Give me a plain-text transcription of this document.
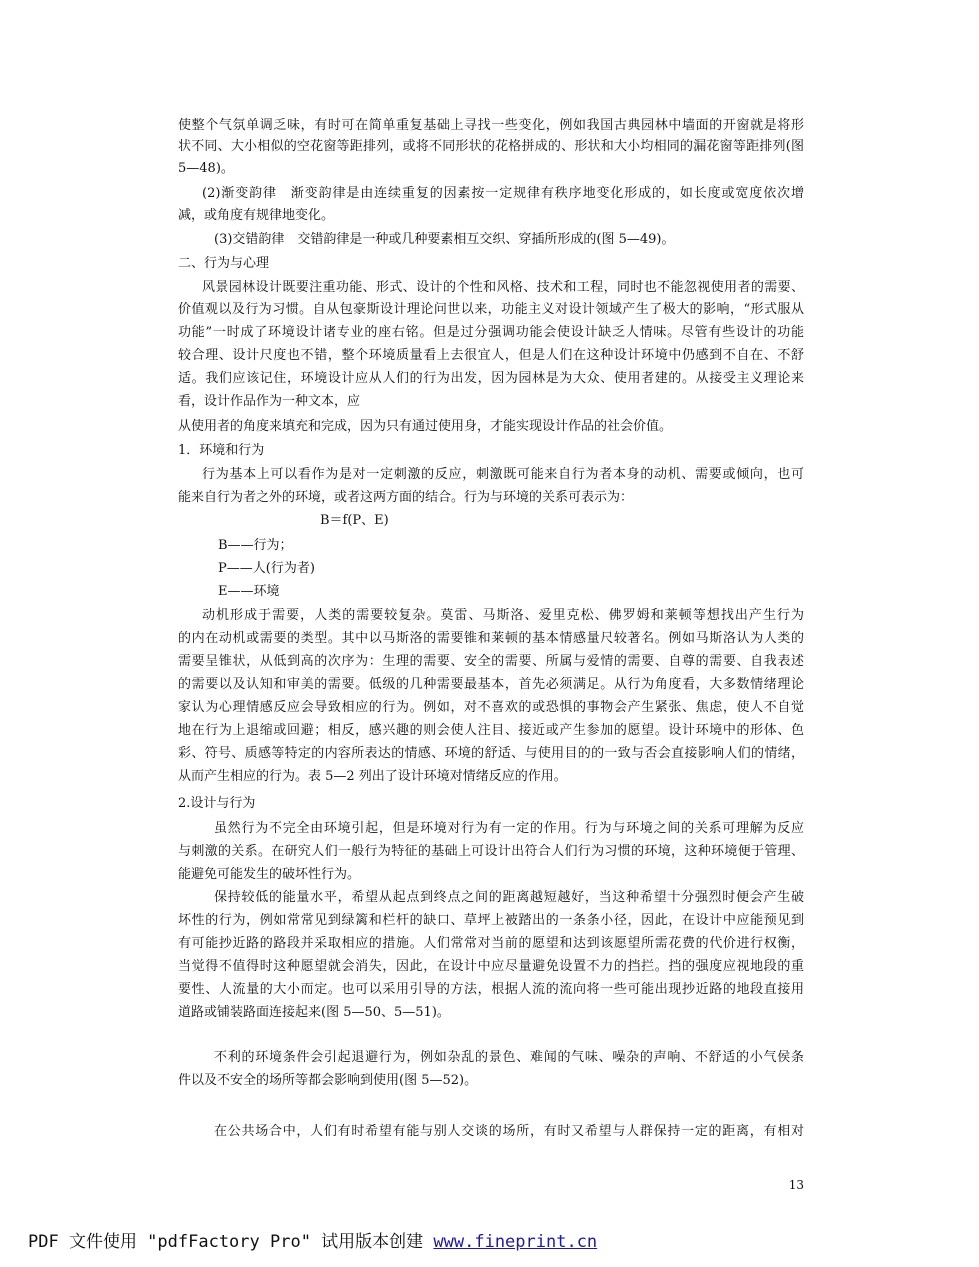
使整个气氛单调乏味，有时可在简单重复基础上寻找一些变化，例如我国古典园林中墙面的开窗就是将形
状不同、大小相似的空花窗等距排列，或将不同形状的花格拼成的、形状和大小均相同的漏花窗等距排列(图
5—48)。
(2)渐变韵律　渐变韵律是由连续重复的因素按一定规律有秩序地变化形成的，如长度或宽度依次增
减，或角度有规律地变化。
(3)交错韵律　交错韵律是一种或几种要素相互交织、穿插所形成的(图 5—49)。
二、行为与心理
风景园林设计既要注重功能、形式、设计的个性和风格、技术和工程，同时也不能忽视使用者的需要、
价值观以及行为习惯。自从包豪斯设计理论问世以来，功能主义对设计领域产生了极大的影响，“形式服从
功能”一时成了环境设计诸专业的座右铭。但是过分强调功能会使设计缺乏人情味。尽管有些设计的功能
较合理、设计尺度也不错，整个环境质量看上去很宜人，但是人们在这种设计环境中仍感到不自在、不舒
适。我们应该记住，环境设计应从人们的行为出发，因为园林是为大众、使用者建的。从接受主义理论来
看，设计作品作为一种文本，应
从使用者的角度来填充和完成，因为只有通过使用身，才能实现设计作品的社会价值。
1．环境和行为
行为基本上可以看作为是对一定刺激的反应，刺激既可能来自行为者本身的动机、需要或倾向，也可
能来自行为者之外的环境，或者这两方面的结合。行为与环境的关系可表示为：
B＝f(P、E)
B——行为；
P——人(行为者)
E——环境
动机形成于需要，人类的需要较复杂。莫雷、马斯洛、爱里克松、佛罗姆和莱顿等想找出产生行为
的内在动机或需要的类型。其中以马斯洛的需要锥和莱顿的基本情感量尺较著名。例如马斯洛认为人类的
需要呈锥状，从低到高的次序为：生理的需要、安全的需要、所属与爱情的需要、自尊的需要、自我表述
的需要以及认知和审美的需要。低级的几种需要最基本，首先必须满足。从行为角度看，大多数情绪理论
家认为心理情感反应会导致相应的行为。例如，对不喜欢的或恐惧的事物会产生紧张、焦虑，使人不自觉
地在行为上退缩或回避；相反，感兴趣的则会使人注目、接近或产生参加的愿望。设计环境中的形体、色
彩、符号、质感等特定的内容所表达的情感、环境的舒适、与使用目的的一致与否会直接影响人们的情绪，
从而产生相应的行为。表 5—2 列出了设计环境对情绪反应的作用。
2.设计与行为
虽然行为不完全由环境引起，但是环境对行为有一定的作用。行为与环境之间的关系可理解为反应
与刺激的关系。在研究人们一般行为特征的基础上可设计出符合人们行为习惯的环境，这种环境便于管理、
能避免可能发生的破坏性行为。
保持较低的能量水平，希望从起点到终点之间的距离越短越好，当这种希望十分强烈时便会产生破
坏性的行为，例如常常见到绿篱和栏杆的缺口、草坪上被踏出的一条条小径，因此，在设计中应能预见到
有可能抄近路的路段并采取相应的措施。人们常常对当前的愿望和达到该愿望所需花费的代价进行权衡，
当觉得不值得时这种愿望就会消失，因此，在设计中应尽量避免设置不力的挡拦。挡的强度应视地段的重
要性、人流量的大小而定。也可以采用引导的方法，根据人流的流向将一些可能出现抄近路的地段直接用
道路或铺装路面连接起来(图 5—50、5—51)。
不利的环境条件会引起退避行为，例如杂乱的景色、难闻的气味、噪杂的声响、不舒适的小气侯条
件以及不安全的场所等都会影响到使用(图 5—52)。
在公共场合中，人们有时希望有能与别人交谈的场所，有时又希望与人群保持一定的距离，有相对
13
PDF 文件使用 "pdfFactory Pro" 试用版本创建 www.fineprint.cn
